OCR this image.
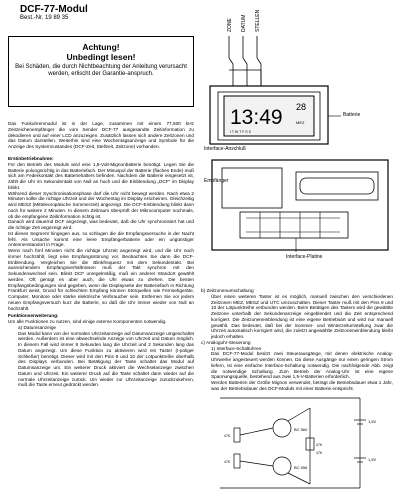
DCF-77-Modul
Best.-Nr. 19 89 35
Achtung!
Unbedingt lesen!
Bei Schäden, die durch Nichtbeachtung der Anleitung verursacht werden, erlischt der Garantie-anspruch.
Das Funkuhrenmodul ist in der Lage, zusammen mit einem 77,500 kHz Zeitzeichenempfänger die vom Sender DCF-77 ausgesandte Zeitinformation zu dekodieren und auf einer LCD anzuzeigen. Zusätzlich lassen sich andere Zeitzonen und das Datum darstellen. Weiterhin sind eine Wochentagsanzeige und Symbole für die Anzeige des Systemzustandes (DCF-Zeit, Stellzeit, Zeitzone) vorhanden.

Erstinbetriebnahme:

Für den Betrieb des Moduls wird eine 1,5-Volt-Mignonbatterie benötigt. Legen Sie die Batterie polungsrichtig in das Batteriefach. Der Minuspol der Batterie (flaches Ende) muß sich am Federkontakt des Batteriehalters befinden. Nachdem die Batterie eingesetzt ist, zählt die Uhr im Sekundentakt von Null an hoch und die Einblendung „DCF“ im Display blinkt.

Während dieser Synchronisationsphase darf die Uhr nicht bewegt werden. Nach etwa 2 Minuten sollte die richtige Uhrzeit und der Wochentag im Display erscheinen. Gleichzeitig wird MESZ (Mitteleuropäische Sommerzeit) angezeigt. Die DCF-Einblendung blinkt dann noch für weitere 2 Minuten. In diesem Zeitraum überprüft der Mikrocomputer nochmals, ob die empfangene Zeitinformation richtig ist.

Danach wird dauernd DCF angezeigt, was bedeutet, daß die Uhr synchronisiert hat und die richtige Zeit angezeigt wird.

Ist dieses Segment hingegen aus, so schlugen die die Empfangsversuche in der Nacht fehl. Als Ursache kommt eine leere Empfängerbatterie oder ein ungünstiger Antennenstandort in Frage.

Wenn nach fünf Minuten nicht die richtige Uhrzeit angezeigt wird, und die Uhr noch immer hochzählt, liegt eine Empfangsstörung vor. Beobachten Sie dann die DCF-Einblendung. Vergleichen Sie die Blinkfrequenz mit dem Sekundentakt. Bei ausreichendem Empfangsverhältnissen muß der Takt synchron mit den Sekundenwechsel sein. Blinkt DCF unregelmäßig, muß ein anderer Standort gewählt werden. Oft genügt es aber auch, die Uhr etwas zu drehen. Die besten Empfangsbedingungen sind gegeben, wenn die Displayseite der Batteriefach in Richtung Frankfurt weist. Grund für schlechten Empfang können Störquellen wie Fernsehgeräte, Computer, Monitore oder starke elektrische Verbraucher sein. Entfernen Sie vor jedem neuen Empfangsversuch kurz die Batterie, so daß die Uhr immer wieder von Null an hochzählt.

Funktionserweiterung:

Um alle Funktionen zu nutzen, sind einige externe Komponenten notwendig.

a) Datumsanzeige

Das Modul kann von der normalen Uhrzeitanzeige auf Datumsanzeige umgeschaltet werden. Außerdem ist eine abwechselnde Anzeige von Uhrzeit und Datum möglich. In diesem Fall wird immer 8 Sekunden lang die Uhrzeit und 2 Sekunden lang das Datum angezeigt. Um diese Funktion zu aktivieren wird ein Taster (I-poliger Schließer) benötigt. Dieser wird mit den Pins 8 und 10 der Lötpunktreihe oberhalb des Displays verbunden. Bei Betätigung der Taste schaltet das Modul auf Datumsanzeige um. Ein weiterer Druck aktiviert die Wechselanzeige zwischen Datum und Uhrzeit. Ein weiterer Druck auf die Taste schaltet dann wieder auf die normale Uhrzeitanzeige zurück. Um wieder zur Uhrzeitanzeige zurückzukehren, muß die Taste erneut gedrückt werden.

ZONE DATUM STELLEN
13:49 28
MEZ
I T W T F S S
Batterie
Interface-Anschluß
Empfänger
Interface-Platine

b) Zeitzonenumschaltung

Über einen weiteren Taster ist es möglich, manuell zwischen den verschiedenen Zeitzonen MEZ, MESZ und UTC umzuschalten. Dieser Taster muß mit den Pins 9 und 10 der Lötpunktreihe verbunden werden. Beim Betätigen des Tasters wird die gewählte Zeitzone unterhalb der Sekundenanzeige eingeblendet und die Zeit entsprechend korrigiert. Die Zeitzoneneinblendung ist eine eigene Betriebsart und wird nur manuell gewählt. Das bedeutet, daß bei der Sommer- und Winterzeitumstellung zwar die Uhrzeit automatisch korrigiert wird, die zuletzt angewählte Zeitzoneneinblendung bleibt jedoch erhalten.

c) Analoguhr-Steuerung

1) Interface-Schaltuhren

Das DCF-77-Modul besitzt zwei Steuerausgänge, mit denen elektrische Analog-Uhrwerke angesteuert werden können. Da diese Ausgänge nur einen geringen Strom liefern, ist eine einfache Interface-Schaltung notwendig. Die nachfolgende Abb. zeigt die notwendige Schaltung. Zum Betrieb der Analog-Uhr ist eine eigene Spannungsquelle, bestehend aus zwei 1,5-V-Batterien erforderlich.

Werden Batterien der Größe Mignon verwendet, beträgt die Betriebsdauer etwa 1 Jahr, was der Betriebsdauer des DCF-Moduls mit einer Batterie entspricht.

BC 560
BC 556
1,5V
1,5V
47K
47K
47K
47K
